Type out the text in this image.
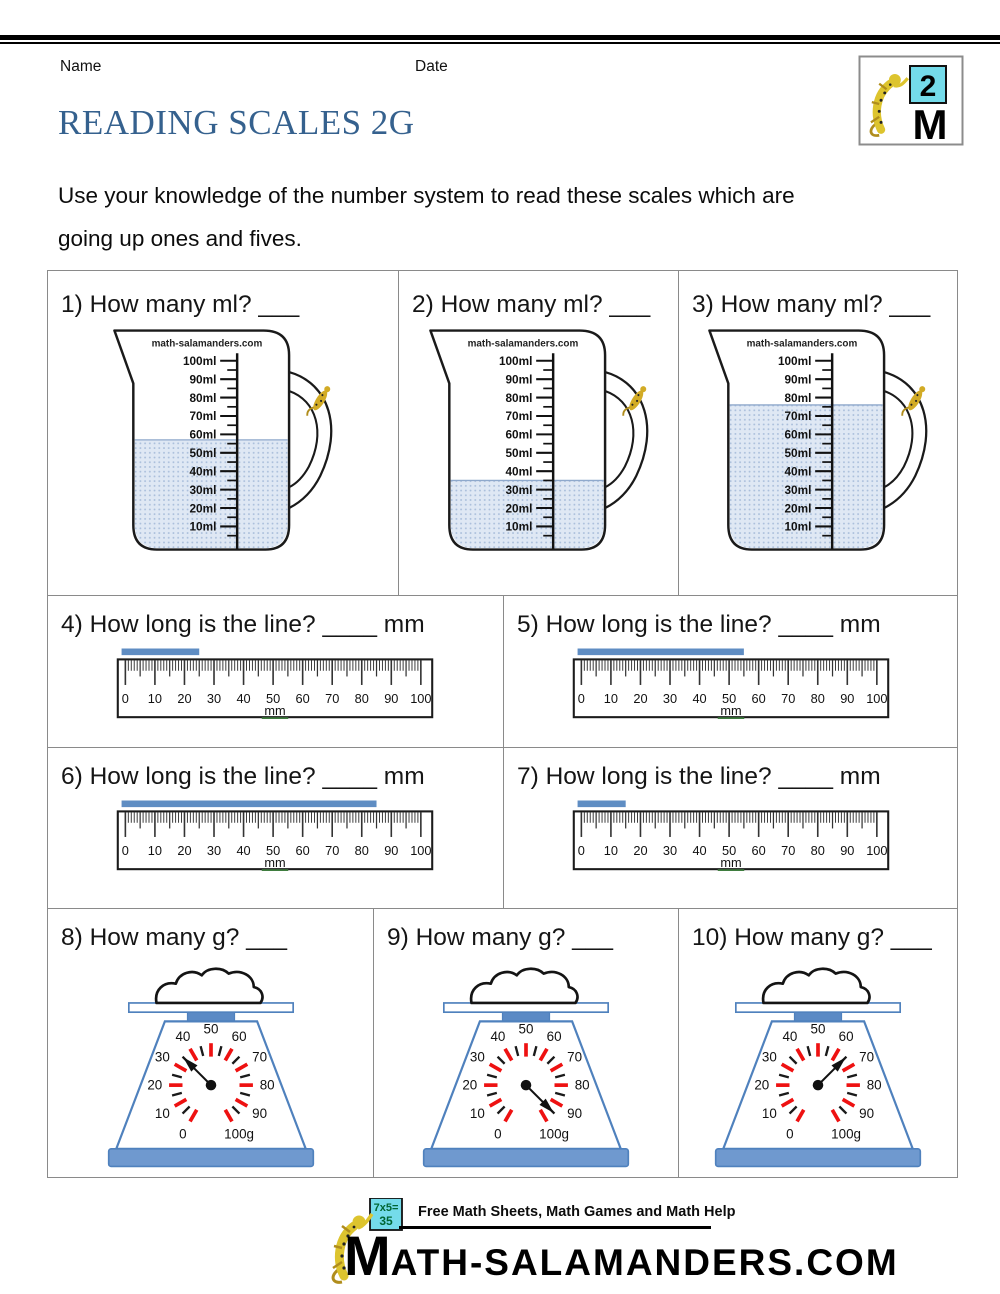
Name	Date
2
M
READING SCALES 2G
Use your knowledge of the number system to read these scales which are
going up ones and fives.
1) How many ml? ___
math-salamanders.com
100ml
90ml
80ml
70ml
60ml
50ml
40ml
30ml
20ml
10ml
2) How many ml? ___
math-salamanders.com
100ml
90ml
80ml
70ml
60ml
50ml
40ml
30ml
20ml
10ml
3) How many ml? ___
math-salamanders.com
100ml
90ml
80ml
70ml
60ml
50ml
40ml
30ml
20ml
10ml
4) How long is the line? ____ mm
0 10 20 30 40 50 60 70 80 90 100
mm
5) How long is the line? ____ mm
0 10 20 30 40 50 60 70 80 90 100
mm
6) How long is the line? ____ mm
0 10 20 30 40 50 60 70 80 90 100
mm
7) How long is the line? ____ mm
0 10 20 30 40 50 60 70 80 90 100
mm
8) How many g? ___
0
10
20
30
40
50
60
70
80
90
100g
9) How many g? ___
0
10
20
30
40
50
60
70
80
90
100g
10) How many g? ___
0
10
20
30
40
50
60
70
80
90
100g
7x5=
35
Free Math Sheets, Math Games and Math Help
MATH-SALAMANDERS.COM
